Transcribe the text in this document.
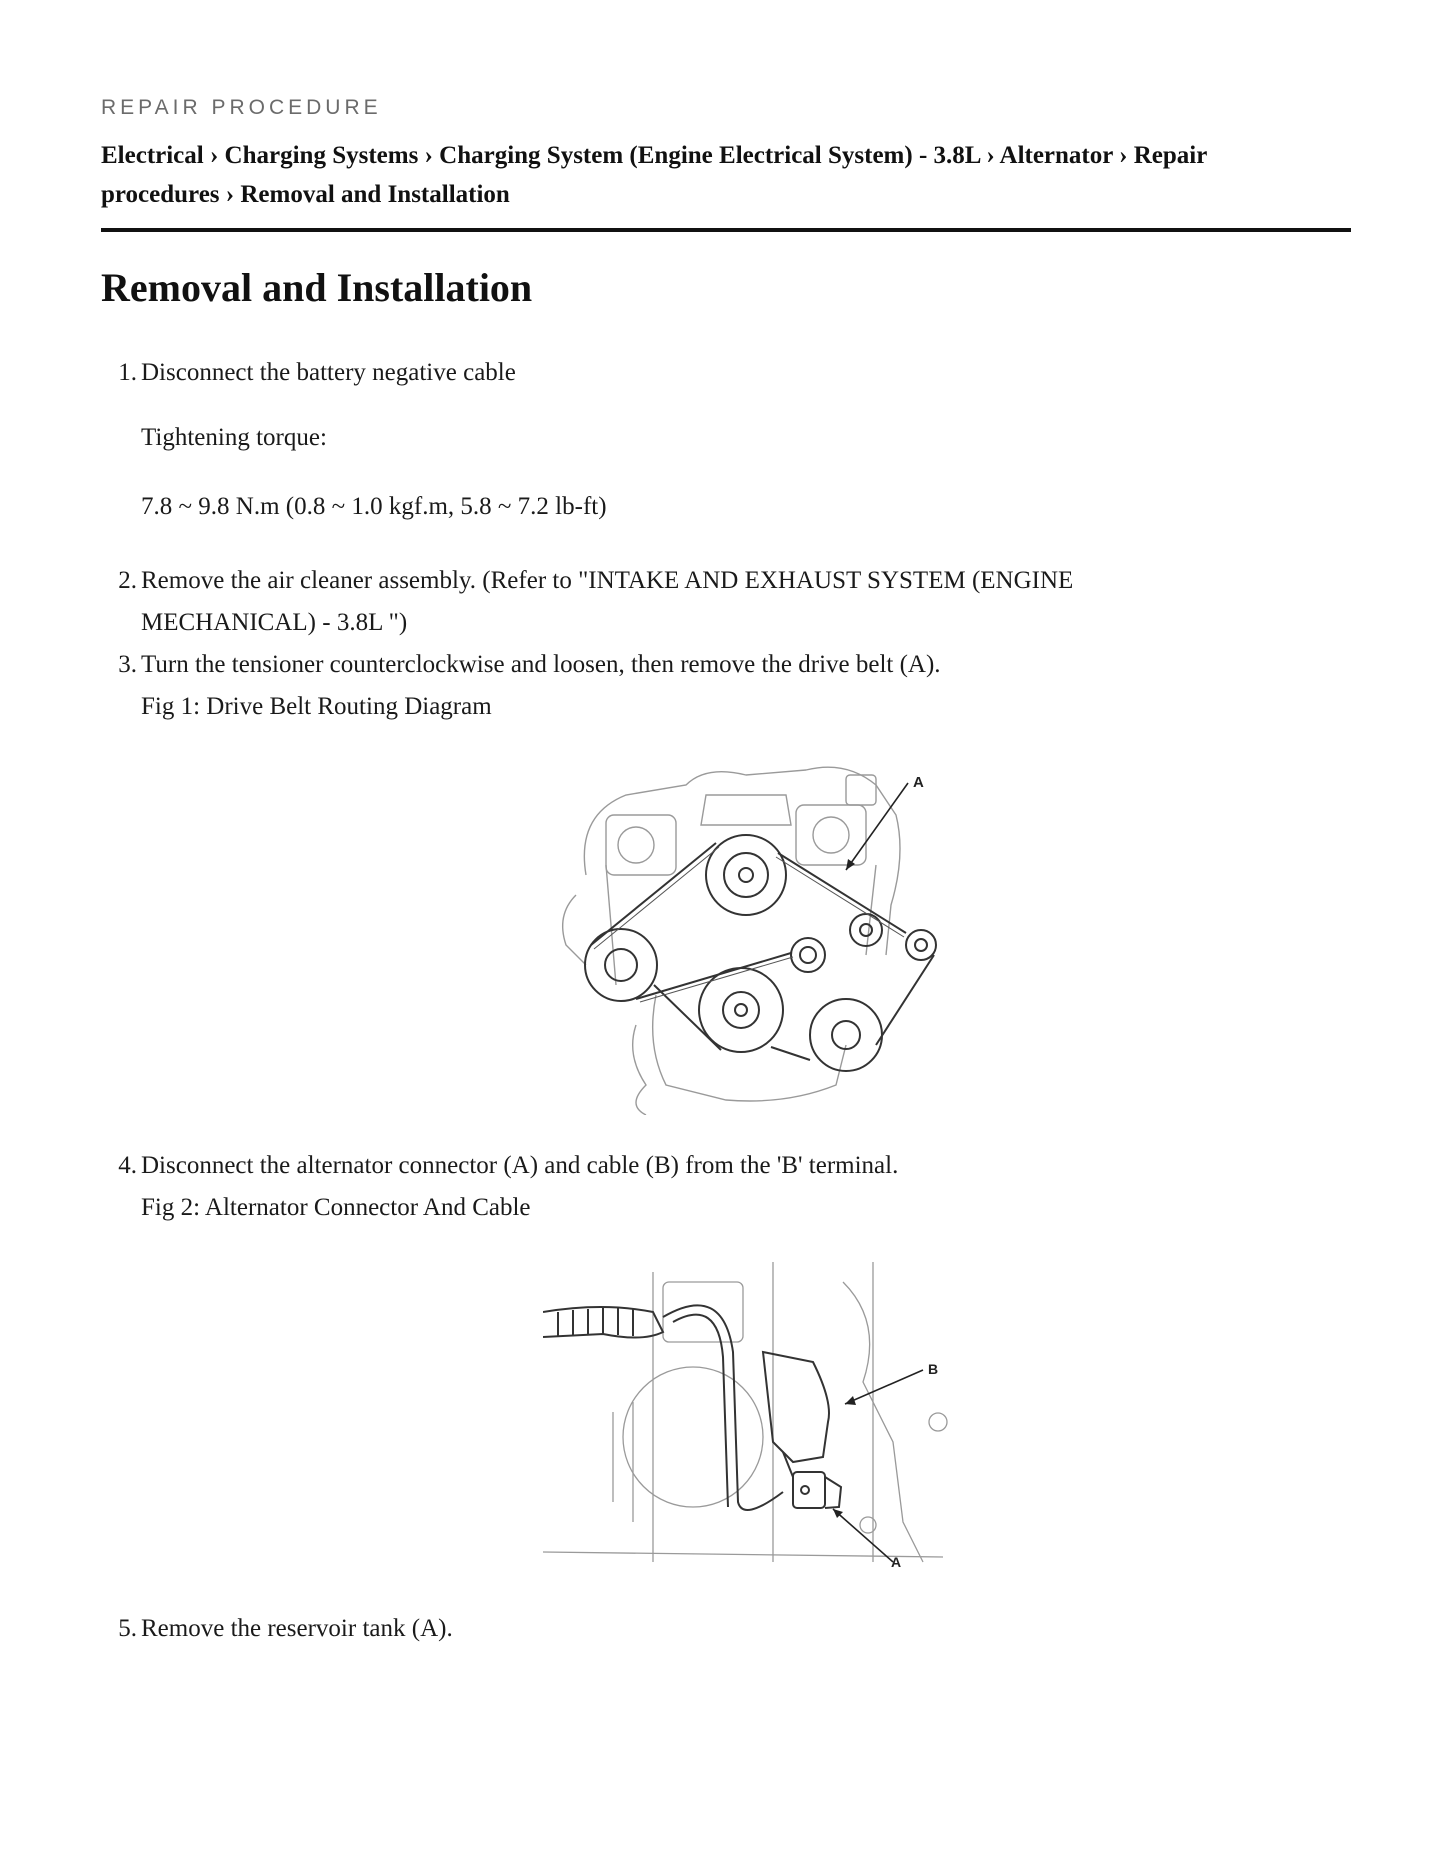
REPAIR PROCEDURE
Electrical › Charging Systems › Charging System (Engine Electrical System) - 3.8L › Alternator › Repair
procedures › Removal and Installation
Removal and Installation
1. Disconnect the battery negative cable
Tightening torque:
7.8 ~ 9.8 N.m (0.8 ~ 1.0 kgf.m, 5.8 ~ 7.2 lb-ft)
2. Remove the air cleaner assembly. (Refer to "INTAKE AND EXHAUST SYSTEM (ENGINE
MECHANICAL) - 3.8L ")
3. Turn the tensioner counterclockwise and loosen, then remove the drive belt (A).
Fig 1: Drive Belt Routing Diagram
A
4. Disconnect the alternator connector (A) and cable (B) from the 'B' terminal.
Fig 2: Alternator Connector And Cable
B
A
5. Remove the reservoir tank (A).
